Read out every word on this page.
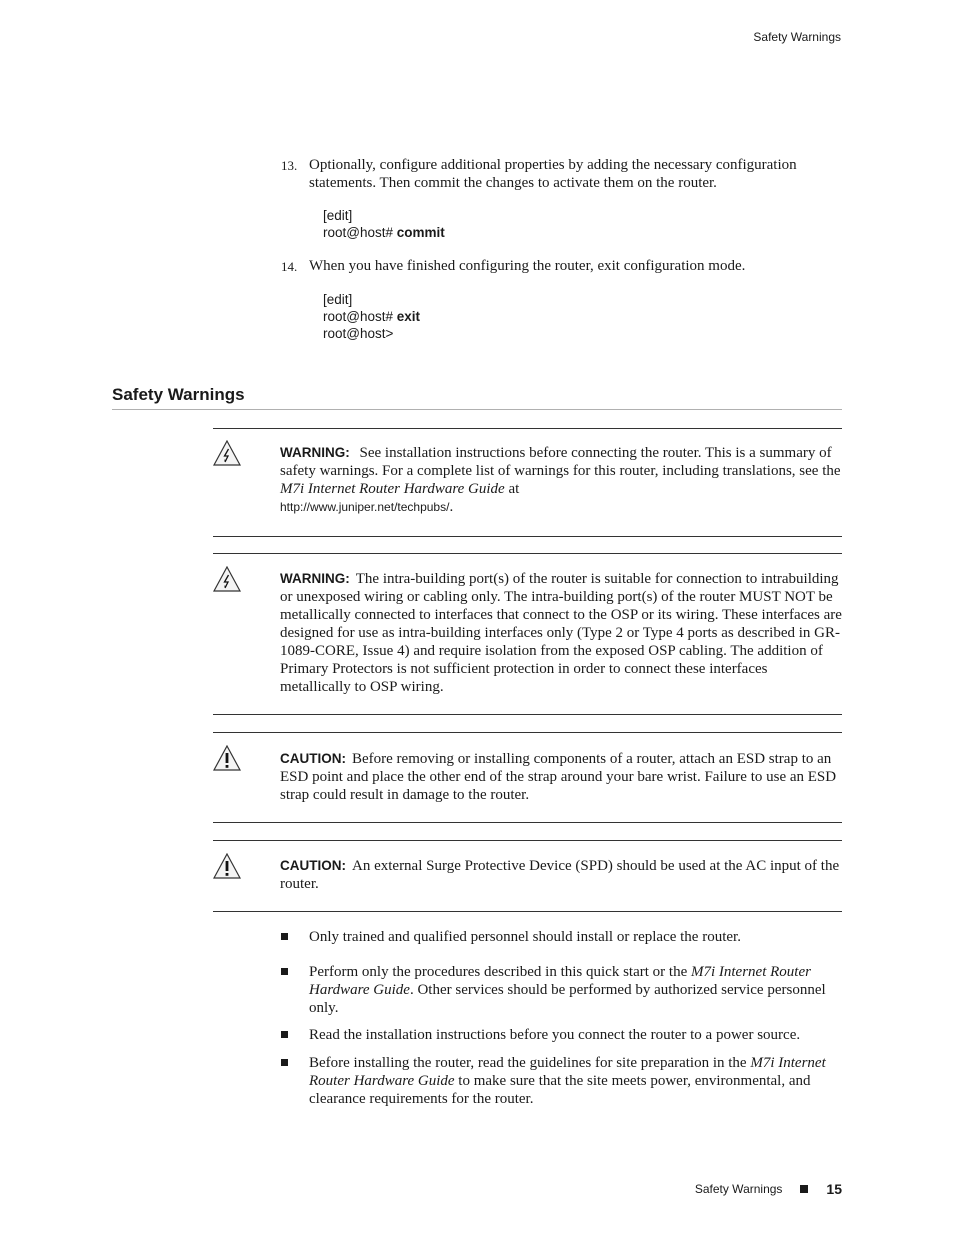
Safety Warnings
13. Optionally, configure additional properties by adding the necessary configuration statements. Then commit the changes to activate them on the router.
[edit]
root@host# commit
14. When you have finished configuring the router, exit configuration mode.
[edit]
root@host# exit
root@host>
Safety Warnings
WARNING: See installation instructions before connecting the router. This is a summary of safety warnings. For a complete list of warnings for this router, including translations, see the M7i Internet Router Hardware Guide at
http://www.juniper.net/techpubs/.
WARNING: The intra-building port(s) of the router is suitable for connection to intrabuilding or unexposed wiring or cabling only. The intra-building port(s) of the router MUST NOT be metallically connected to interfaces that connect to the OSP or its wiring. These interfaces are designed for use as intra-building interfaces only (Type 2 or Type 4 ports as described in GR-1089-CORE, Issue 4) and require isolation from the exposed OSP cabling. The addition of Primary Protectors is not sufficient protection in order to connect these interfaces metallically to OSP wiring.
CAUTION: Before removing or installing components of a router, attach an ESD strap to an ESD point and place the other end of the strap around your bare wrist. Failure to use an ESD strap could result in damage to the router.
CAUTION: An external Surge Protective Device (SPD) should be used at the AC input of the router.
Only trained and qualified personnel should install or replace the router.
Perform only the procedures described in this quick start or the M7i Internet Router Hardware Guide. Other services should be performed by authorized service personnel only.
Read the installation instructions before you connect the router to a power source.
Before installing the router, read the guidelines for site preparation in the M7i Internet Router Hardware Guide to make sure that the site meets power, environmental, and clearance requirements for the router.
Safety Warnings	15
